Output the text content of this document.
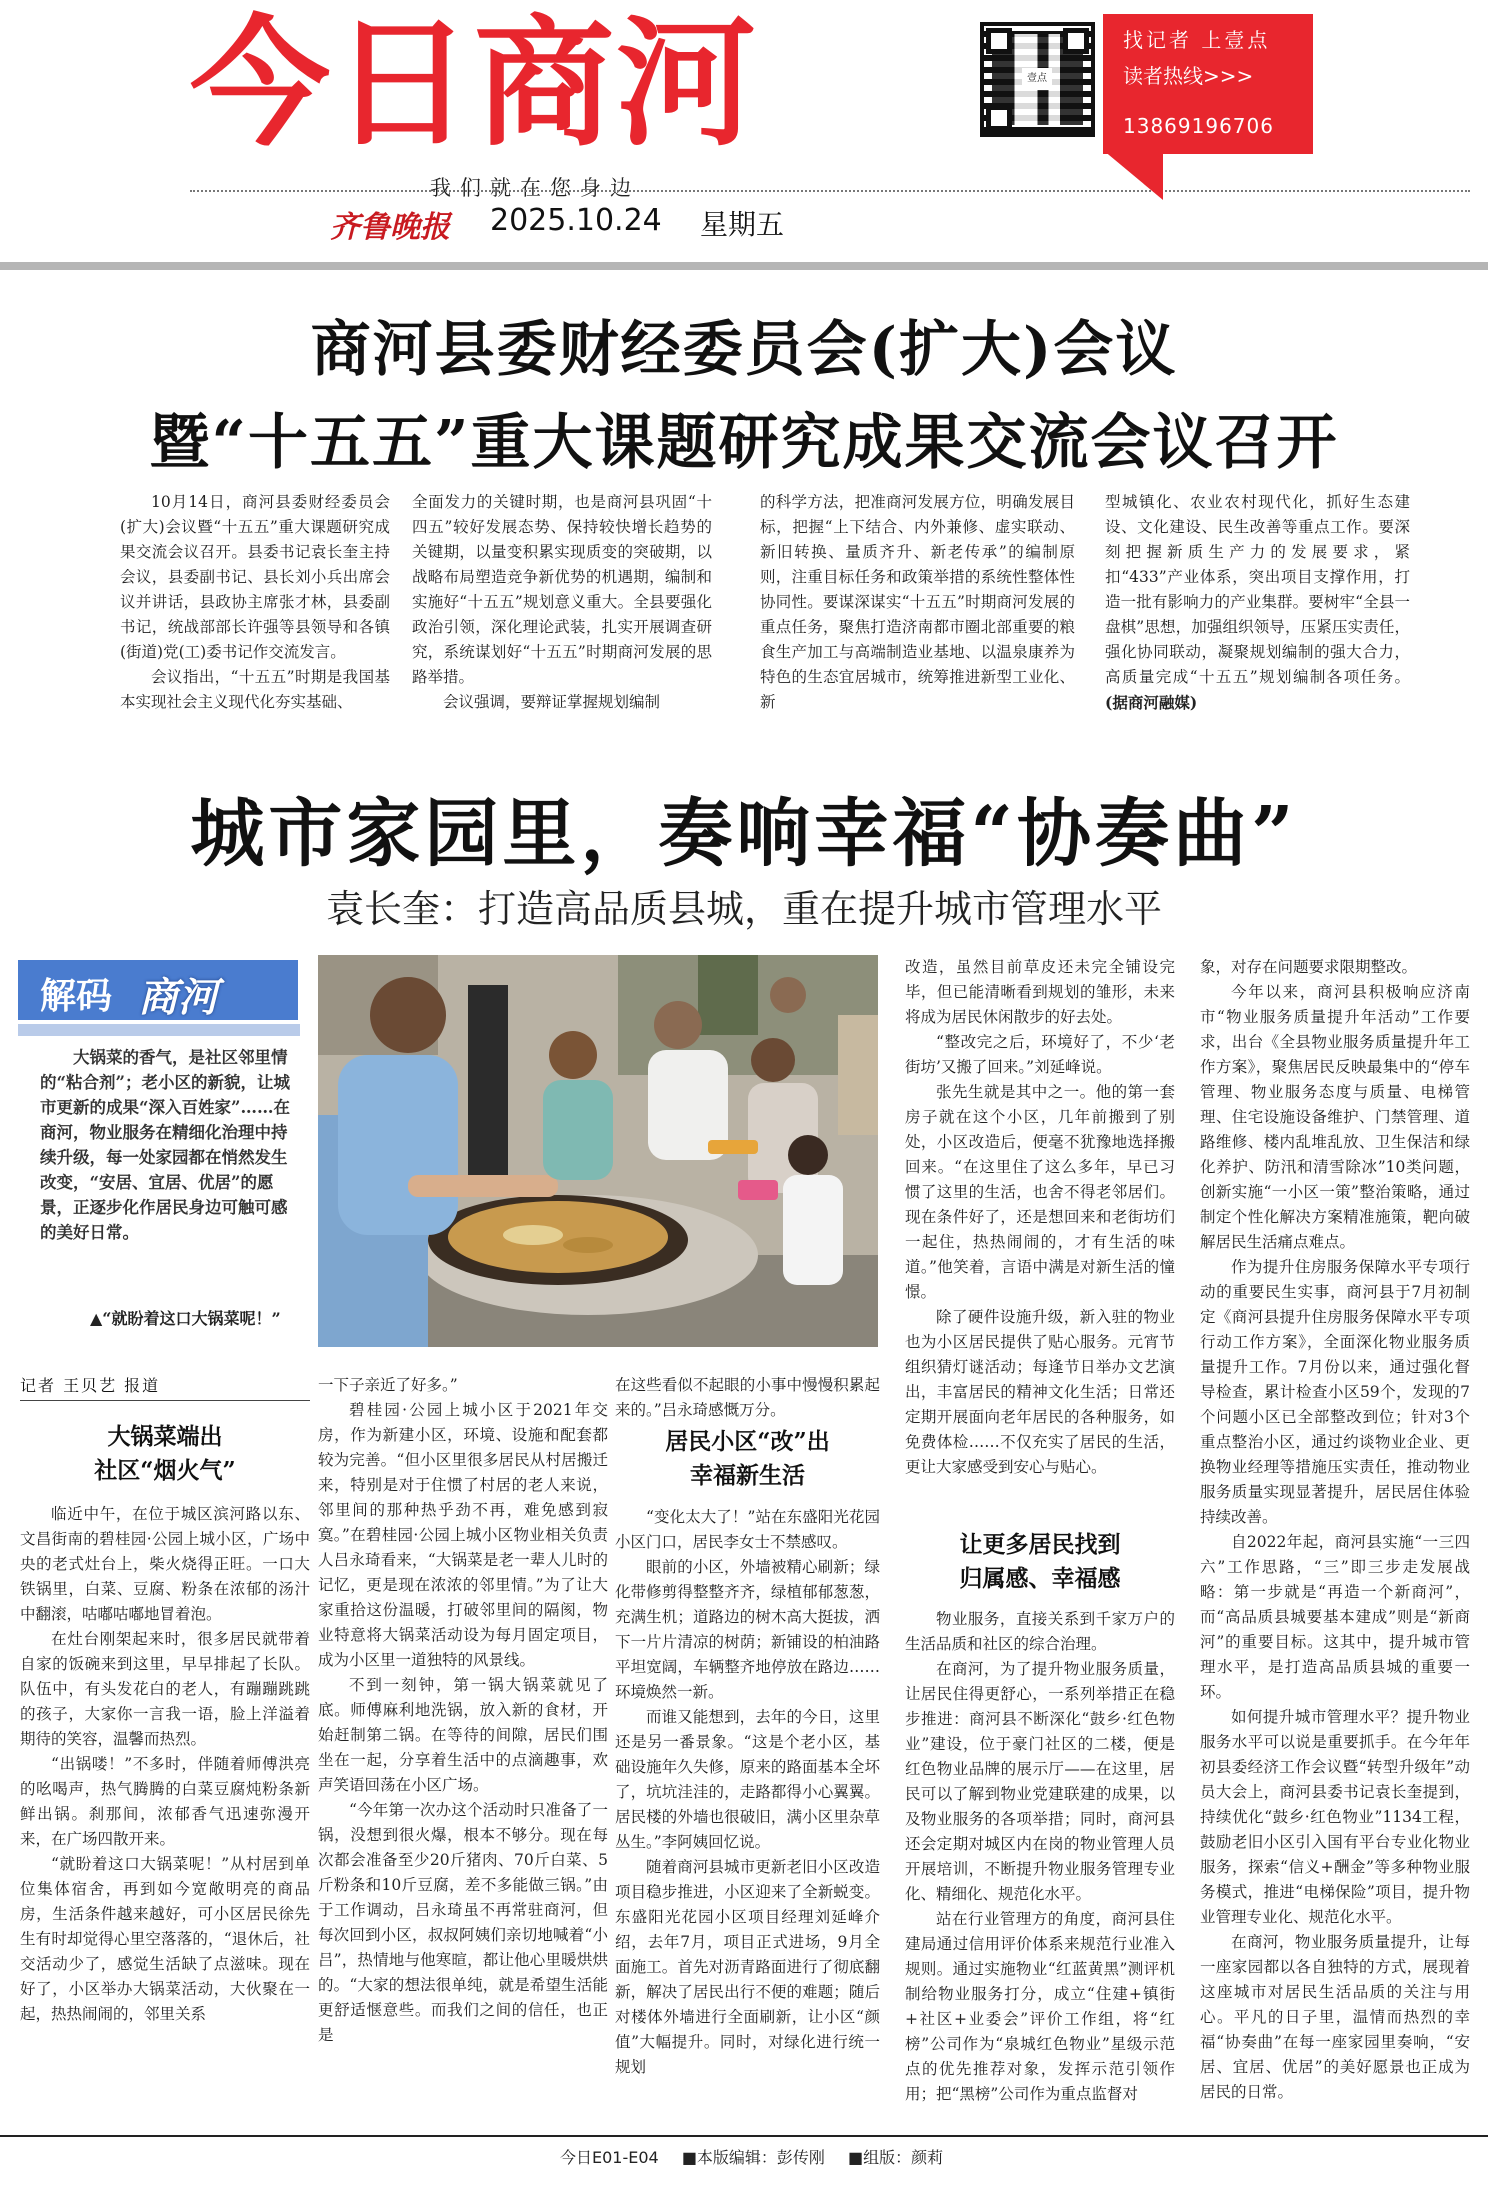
今日商河
我们就在您身边
齐鲁晚报 2025.10.24 星期五
壹点
找记者 上壹点
读者热线>>>
13869196706
商河县委财经委员会(扩大)会议
暨“十五五”重大课题研究成果交流会议召开

10月14日，商河县委财经委员会(扩大)会议暨“十五五”重大课题研究成果交流会议召开。县委书记袁长奎主持会议，县委副书记、县长刘小兵出席会议并讲话，县政协主席张才林，县委副书记，统战部部长许强等县领导和各镇(街道)党(工)委书记作交流发言。

会议指出，“十五五”时期是我国基本实现社会主义现代化夯实基础、

全面发力的关键时期，也是商河县巩固“十四五”较好发展态势、保持较快增长趋势的关键期，以量变积累实现质变的突破期，以战略布局塑造竞争新优势的机遇期，编制和实施好“十五五”规划意义重大。全县要强化政治引领，深化理论武装，扎实开展调查研究，系统谋划好“十五五”时期商河发展的思路举措。

会议强调，要辩证掌握规划编制

的科学方法，把准商河发展方位，明确发展目标，把握“上下结合、内外兼修、虚实联动、新旧转换、量质齐升、新老传承”的编制原则，注重目标任务和政策举措的系统性整体性协同性。要谋深谋实“十五五”时期商河发展的重点任务，聚焦打造济南都市圈北部重要的粮食生产加工与高端制造业基地、以温泉康养为特色的生态宜居城市，统筹推进新型工业化、新

型城镇化、农业农村现代化，抓好生态建设、文化建设、民生改善等重点工作。要深刻把握新质生产力的发展要求，紧扣“433”产业体系，突出项目支撑作用，打造一批有影响力的产业集群。要树牢“全县一盘棋”思想，加强组织领导，压紧压实责任，强化协同联动，凝聚规划编制的强大合力，高质量完成“十五五”规划编制各项任务。 (据商河融媒)

城市家园里，奏响幸福“协奏曲”
袁长奎：打造高品质县城，重在提升城市管理水平
解码 商河

大锅菜的香气，是社区邻里情的“粘合剂”；老小区的新貌，让城市更新的成果“深入百姓家”……在商河，物业服务在精细化治理中持续升级，每一处家园都在悄然发生改变，“安居、宜居、优居”的愿景，正逐步化作居民身边可触可感的美好日常。

▲“就盼着这口大锅菜呢！”
记者 王贝艺 报道
大锅菜端出
社区“烟火气”

临近中午，在位于城区滨河路以东、文昌街南的碧桂园·公园上城小区，广场中央的老式灶台上，柴火烧得正旺。一口大铁锅里，白菜、豆腐、粉条在浓郁的汤汁中翻滚，咕嘟咕嘟地冒着泡。

在灶台刚架起来时，很多居民就带着自家的饭碗来到这里，早早排起了长队。队伍中，有头发花白的老人，有蹦蹦跳跳的孩子，大家你一言我一语，脸上洋溢着期待的笑容，温馨而热烈。

“出锅喽！”不多时，伴随着师傅洪亮的吆喝声，热气腾腾的白菜豆腐炖粉条新鲜出锅。刹那间，浓郁香气迅速弥漫开来，在广场四散开来。

“就盼着这口大锅菜呢！”从村居到单位集体宿舍，再到如今宽敞明亮的商品房，生活条件越来越好，可小区居民徐先生有时却觉得心里空落落的，“退休后，社交活动少了，感觉生活缺了点滋味。现在好了，小区举办大锅菜活动，大伙聚在一起，热热闹闹的，邻里关系

一下子亲近了好多。”

碧桂园·公园上城小区于2021年交房，作为新建小区，环境、设施和配套都较为完善。“但小区里很多居民从村居搬迁来，特别是对于住惯了村居的老人来说，邻里间的那种热乎劲不再，难免感到寂寞。”在碧桂园·公园上城小区物业相关负责人吕永琦看来，“大锅菜是老一辈人儿时的记忆，更是现在浓浓的邻里情。”为了让大家重拾这份温暖，打破邻里间的隔阂，物业特意将大锅菜活动设为每月固定项目，成为小区里一道独特的风景线。

不到一刻钟，第一锅大锅菜就见了底。师傅麻利地洗锅，放入新的食材，开始赶制第二锅。在等待的间隙，居民们围坐在一起，分享着生活中的点滴趣事，欢声笑语回荡在小区广场。

“今年第一次办这个活动时只准备了一锅，没想到很火爆，根本不够分。现在每次都会准备至少20斤猪肉、70斤白菜、5斤粉条和10斤豆腐，差不多能做三锅。”由于工作调动，吕永琦虽不再常驻商河，但每次回到小区，叔叔阿姨们亲切地喊着“小吕”，热情地与他寒暄，都让他心里暖烘烘的。“大家的想法很单纯，就是希望生活能更舒适惬意些。而我们之间的信任，也正是

在这些看似不起眼的小事中慢慢积累起来的。”吕永琦感慨万分。

居民小区“改”出
幸福新生活

“变化太大了！”站在东盛阳光花园小区门口，居民李女士不禁感叹。

眼前的小区，外墙被精心刷新；绿化带修剪得整整齐齐，绿植郁郁葱葱，充满生机；道路边的树木高大挺拔，洒下一片片清凉的树荫；新铺设的柏油路平坦宽阔，车辆整齐地停放在路边……环境焕然一新。

而谁又能想到，去年的今日，这里还是另一番景象。“这是个老小区，基础设施年久失修，原来的路面基本全坏了，坑坑洼洼的，走路都得小心翼翼。居民楼的外墙也很破旧，满小区里杂草丛生。”李阿姨回忆说。

随着商河县城市更新老旧小区改造项目稳步推进，小区迎来了全新蜕变。东盛阳光花园小区项目经理刘延峰介绍，去年7月，项目正式进场，9月全面施工。首先对沥青路面进行了彻底翻新，解决了居民出行不便的难题；随后对楼体外墙进行全面刷新，让小区“颜值”大幅提升。同时，对绿化进行统一规划

改造，虽然目前草皮还未完全铺设完毕，但已能清晰看到规划的雏形，未来将成为居民休闲散步的好去处。

“整改完之后，环境好了，不少‘老街坊’又搬了回来。”刘延峰说。

张先生就是其中之一。他的第一套房子就在这个小区，几年前搬到了别处，小区改造后，便毫不犹豫地选择搬回来。“在这里住了这么多年，早已习惯了这里的生活，也舍不得老邻居们。现在条件好了，还是想回来和老街坊们一起住，热热闹闹的，才有生活的味道。”他笑着，言语中满是对新生活的憧憬。

除了硬件设施升级，新入驻的物业也为小区居民提供了贴心服务。元宵节组织猜灯谜活动；每逢节日举办文艺演出，丰富居民的精神文化生活；日常还定期开展面向老年居民的各种服务，如免费体检……不仅充实了居民的生活，更让大家感受到安心与贴心。

让更多居民找到
归属感、幸福感

物业服务，直接关系到千家万户的生活品质和社区的综合治理。

在商河，为了提升物业服务质量，让居民住得更舒心，一系列举措正在稳步推进：商河县不断深化“鼓乡·红色物业”建设，位于豪门社区的二楼，便是红色物业品牌的展示厅——在这里，居民可以了解到物业党建联建的成果，以及物业服务的各项举措；同时，商河县还会定期对城区内在岗的物业管理人员开展培训，不断提升物业服务管理专业化、精细化、规范化水平。

站在行业管理方的角度，商河县住建局通过信用评价体系来规范行业准入规则。通过实施物业“红蓝黄黑”测评机制给物业服务打分，成立“住建+镇街+社区+业委会”评价工作组，将“红榜”公司作为“泉城红色物业”星级示范点的优先推荐对象，发挥示范引领作用；把“黑榜”公司作为重点监督对

象，对存在问题要求限期整改。

今年以来，商河县积极响应济南市“物业服务质量提升年活动”工作要求，出台《全县物业服务质量提升年工作方案》，聚焦居民反映最集中的“停车管理、物业服务态度与质量、电梯管理、住宅设施设备维护、门禁管理、道路维修、楼内乱堆乱放、卫生保洁和绿化养护、防汛和清雪除冰”10类问题，创新实施“一小区一策”整治策略，通过制定个性化解决方案精准施策，靶向破解居民生活痛点难点。

作为提升住房服务保障水平专项行动的重要民生实事，商河县于7月初制定《商河县提升住房服务保障水平专项行动工作方案》，全面深化物业服务质量提升工作。7月份以来，通过强化督导检查，累计检查小区59个，发现的7个问题小区已全部整改到位；针对3个重点整治小区，通过约谈物业企业、更换物业经理等措施压实责任，推动物业服务质量实现显著提升，居民居住体验持续改善。

自2022年起，商河县实施“一三四六”工作思路，“三”即三步走发展战略：第一步就是“再造一个新商河”，而“高品质县城要基本建成”则是“新商河”的重要目标。这其中，提升城市管理水平，是打造高品质县城的重要一环。

如何提升城市管理水平？提升物业服务水平可以说是重要抓手。在今年年初县委经济工作会议暨“转型升级年”动员大会上，商河县委书记袁长奎提到，持续优化“鼓乡·红色物业”1134工程，鼓励老旧小区引入国有平台专业化物业服务，探索“信义+酬金”等多种物业服务模式，推进“电梯保险”项目，提升物业管理专业化、规范化水平。

在商河，物业服务质量提升，让每一座家园都以各自独特的方式，展现着这座城市对居民生活品质的关注与用心。平凡的日子里，温情而热烈的幸福“协奏曲”在每一座家园里奏响，“安居、宜居、优居”的美好愿景也正成为居民的日常。

今日E01-E04 ■本版编辑：彭传刚 ■组版：颜莉
